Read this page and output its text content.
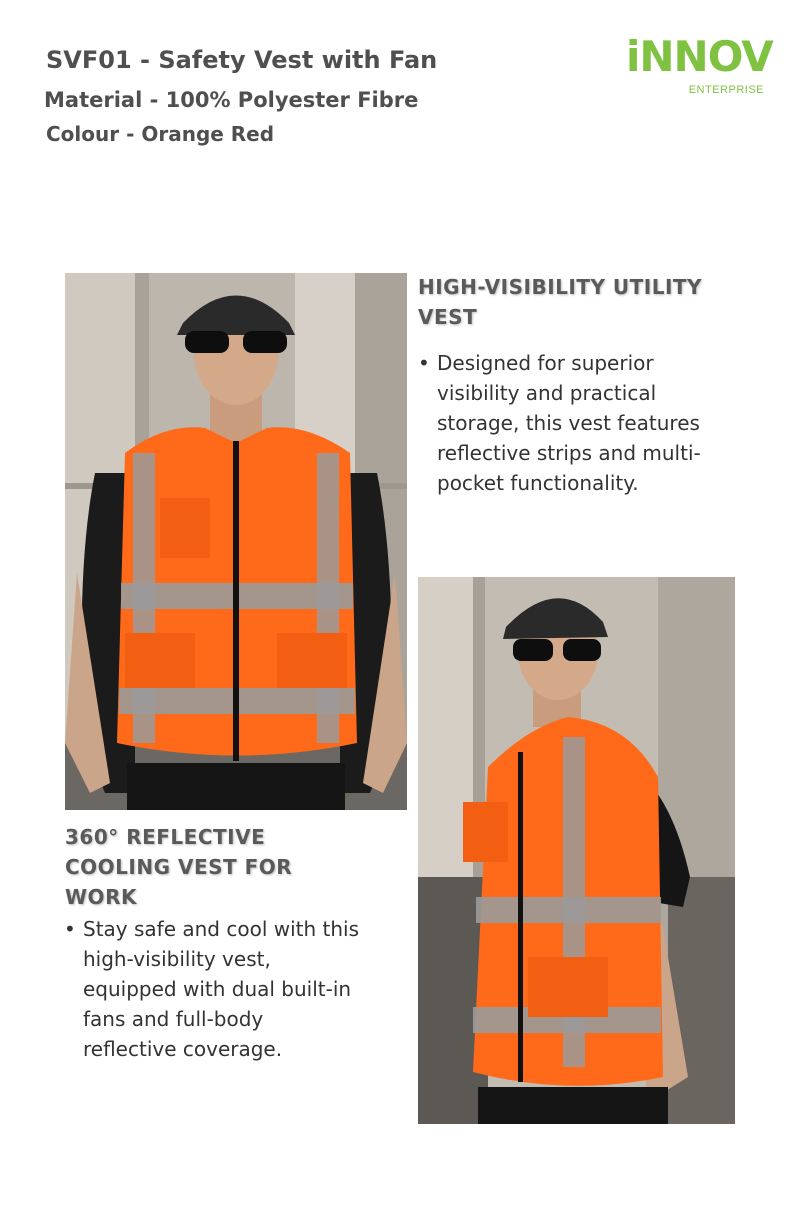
SVF01 - Safety Vest with Fan
Material - 100% Polyester Fibre
Colour - Orange Red
iNNOV
ENTERPRISE
HIGH-VISIBILITY UTILITY VEST
• Designed for superior visibility and practical storage, this vest features reflective strips and multi-pocket functionality.
360° REFLECTIVE COOLING VEST FOR WORK
• Stay safe and cool with this high-visibility vest, equipped with dual built-in fans and full-body reflective coverage.
